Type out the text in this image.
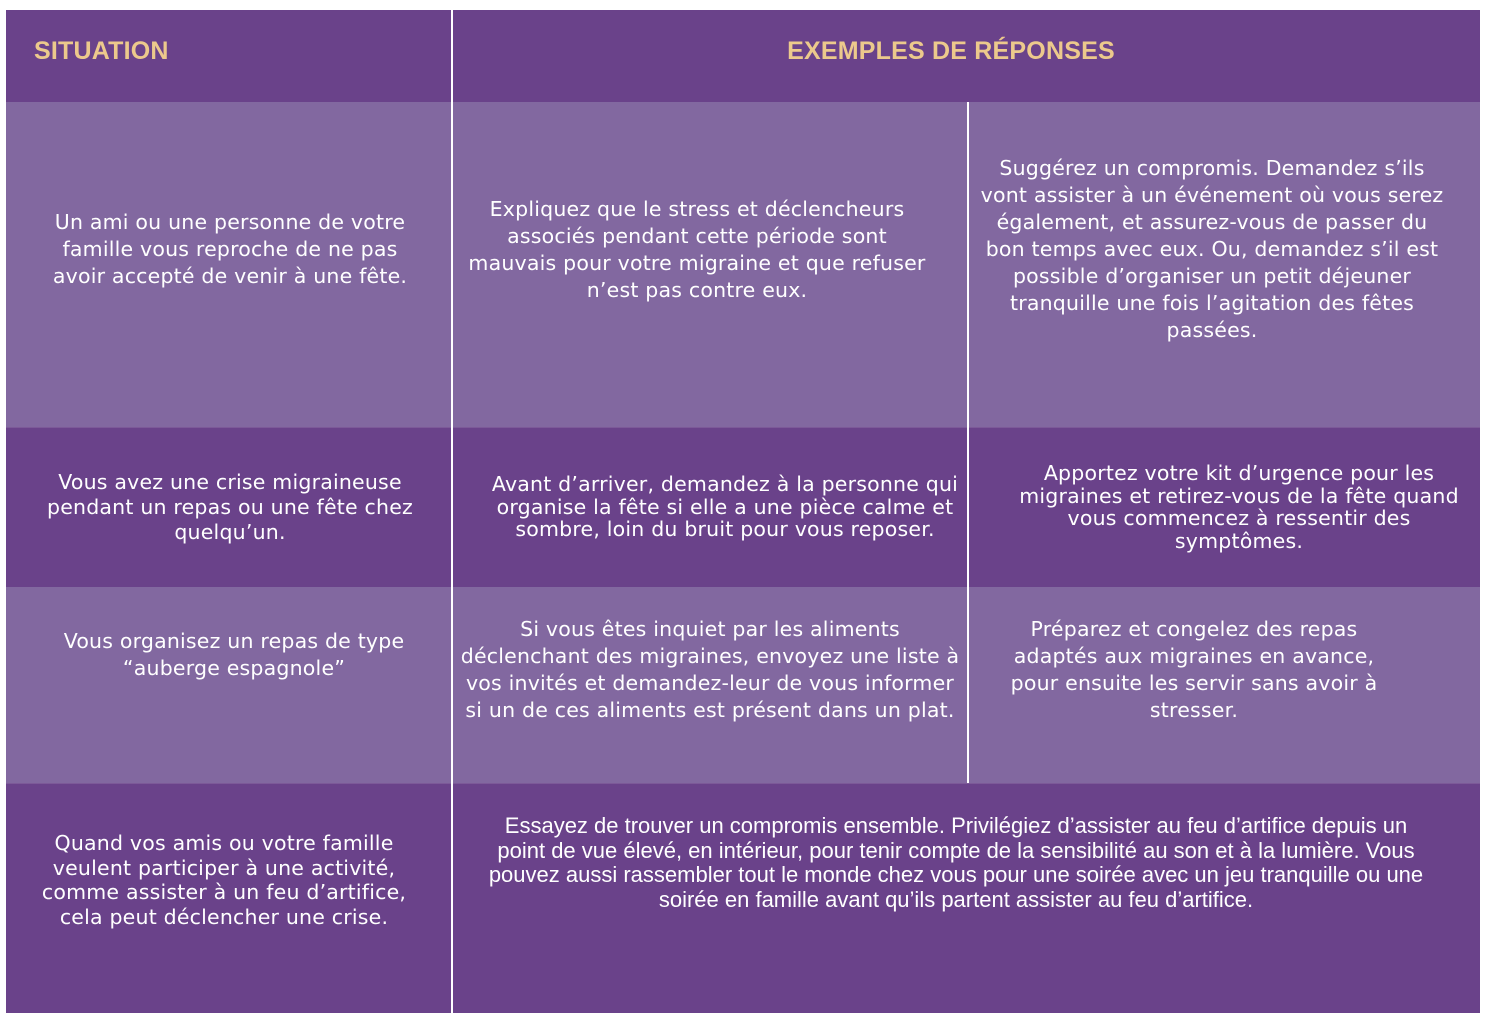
SITUATION	EXEMPLES DE RÉPONSES
Un ami ou une personne de votre famille vous reproche de ne pas avoir accepté de venir à une fête.
Expliquez que le stress et déclencheurs associés pendant cette période sont mauvais pour votre migraine et que refuser n’est pas contre eux.
Suggérez un compromis. Demandez s’ils vont assister à un événement où vous serez également, et assurez-vous de passer du bon temps avec eux. Ou, demandez s’il est possible d’organiser un petit déjeuner tranquille une fois l’agitation des fêtes passées.
Vous avez une crise migraineuse pendant un repas ou une fête chez quelqu’un.
Avant d’arriver, demandez à la personne qui organise la fête si elle a une pièce calme et sombre, loin du bruit pour vous reposer.
Apportez votre kit d’urgence pour les migraines et retirez-vous de la fête quand vous commencez à ressentir des symptômes.
Vous organisez un repas de type “auberge espagnole”
Si vous êtes inquiet par les aliments déclenchant des migraines, envoyez une liste à vos invités et demandez-leur de vous informer si un de ces aliments est présent dans un plat.
Préparez et congelez des repas adaptés aux migraines en avance, pour ensuite les servir sans avoir à stresser.
Quand vos amis ou votre famille veulent participer à une activité, comme assister à un feu d’artifice, cela peut déclencher une crise.
Essayez de trouver un compromis ensemble. Privilégiez d’assister au feu d’artifice depuis un point de vue élevé, en intérieur, pour tenir compte de la sensibilité au son et à la lumière. Vous pouvez aussi rassembler tout le monde chez vous pour une soirée avec un jeu tranquille ou une soirée en famille avant qu’ils partent assister au feu d’artifice.
